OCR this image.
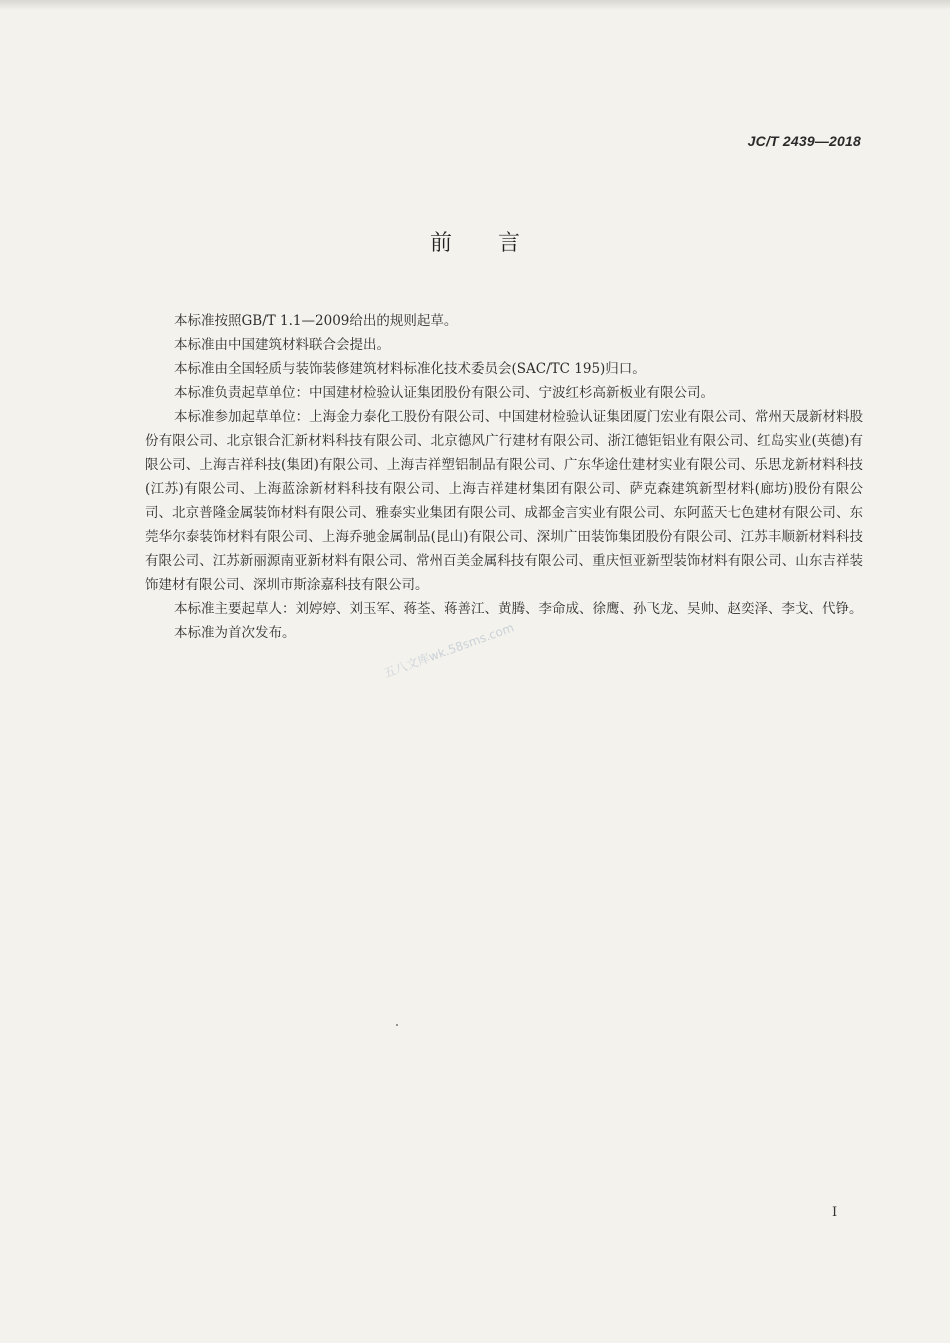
JC/T 2439—2018
前言

本标准按照GB/T 1.1—2009给出的规则起草。

本标准由中国建筑材料联合会提出。

本标准由全国轻质与装饰装修建筑材料标准化技术委员会(SAC/TC 195)归口。

本标准负责起草单位：中国建材检验认证集团股份有限公司、宁波红杉高新板业有限公司。

本标准参加起草单位：上海金力泰化工股份有限公司、中国建材检验认证集团厦门宏业有限公司、常州天晟新材料股份有限公司、北京银合汇新材料科技有限公司、北京德风广行建材有限公司、浙江德钜铝业有限公司、红岛实业(英德)有限公司、上海吉祥科技(集团)有限公司、上海吉祥塑铝制品有限公司、广东华途仕建材实业有限公司、乐思龙新材料科技(江苏)有限公司、上海蓝涂新材料科技有限公司、上海吉祥建材集团有限公司、萨克森建筑新型材料(廊坊)股份有限公司、北京普隆金属装饰材料有限公司、雅泰实业集团有限公司、成都金言实业有限公司、东阿蓝天七色建材有限公司、东莞华尔泰装饰材料有限公司、上海乔驰金属制品(昆山)有限公司、深圳广田装饰集团股份有限公司、江苏丰顺新材料科技有限公司、江苏新丽源南亚新材料有限公司、常州百美金属科技有限公司、重庆恒亚新型装饰材料有限公司、山东吉祥装饰建材有限公司、深圳市斯涂嘉科技有限公司。

本标准主要起草人：刘婷婷、刘玉军、蒋荃、蒋善江、黄腾、李命成、徐鹰、孙飞龙、吴帅、赵奕泽、李戈、代铮。

本标准为首次发布。	五八文库wk.58sms.com
I
